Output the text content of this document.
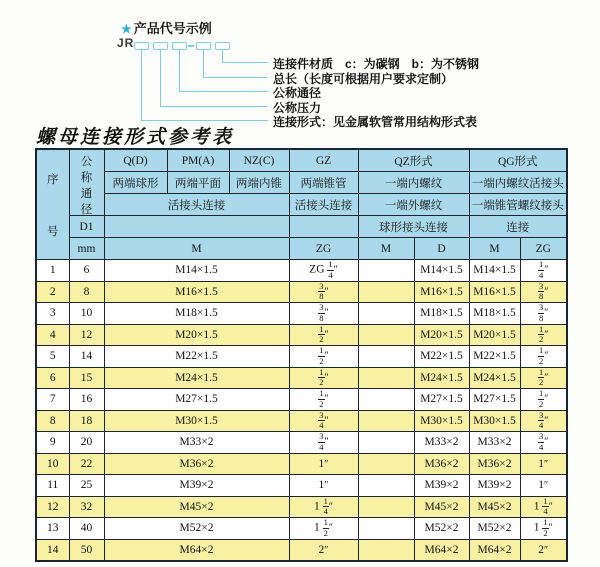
★ 产品代号示例
JR
连接件材质　c：为碳钢　b：为不锈钢
总长（长度可根据用户要求定制）
公称通径
公称压力
连接形式：见金属软管常用结构形式表
螺母连接形式参考表
序
号	公
称
通
径	Q(D)	PM(A)	NZ(C)	GZ	QZ形式		QG形式	
		两端球形	两端平面	两端内锥	两端锥管	一端内螺纹		一端内螺纹活接头	
		活接头连接			活接头连接	一端外螺纹		一端锥管螺纹接头	
	D1					球形接头连接		连接	
	mm	M			ZG	M	D	M	ZG
1	6	M14×1.5			ZG $\frac{1}{4}$ ″		M14×1.5	M14×1.5	$\frac{1}{4}$ ″
2	8	M16×1.5			$\frac{3}{8}$ ″		M16×1.5	M16×1.5	$\frac{3}{8}$ ″
3	10	M18×1.5			$\frac{3}{8}$ ″		M18×1.5	M18×1.5	$\frac{3}{8}$ ″
4	12	M20×1.5			$\frac{1}{2}$ ″		M20×1.5	M20×1.5	$\frac{1}{2}$ ″
5	14	M22×1.5			$\frac{1}{2}$ ″		M22×1.5	M22×1.5	$\frac{1}{2}$ ″
6	15	M24×1.5			$\frac{1}{2}$ ″		M24×1.5	M24×1.5	$\frac{1}{2}$ ″
7	16	M27×1.5			$\frac{1}{2}$ ″		M27×1.5	M27×1.5	$\frac{1}{2}$ ″
8	18	M30×1.5			$\frac{3}{4}$ ″		M30×1.5	M30×1.5	$\frac{3}{4}$ ″
9	20	M33×2			$\frac{3}{4}$ ″		M33×2	M33×2	$\frac{3}{4}$ ″
10	22	M36×2			1″		M36×2	M36×2	1″
11	25	M39×2			1″		M39×2	M39×2	1″
12	32	M45×2			$1 \frac{1}{4}$ ″		M45×2	M45×2	$1 \frac{1}{4}$ ″
13	40	M52×2			$1 \frac{1}{2}$ ″		M52×2	M52×2	$1 \frac{1}{2}$ ″
14	50	M64×2			2″		M64×2	M64×2	2″
